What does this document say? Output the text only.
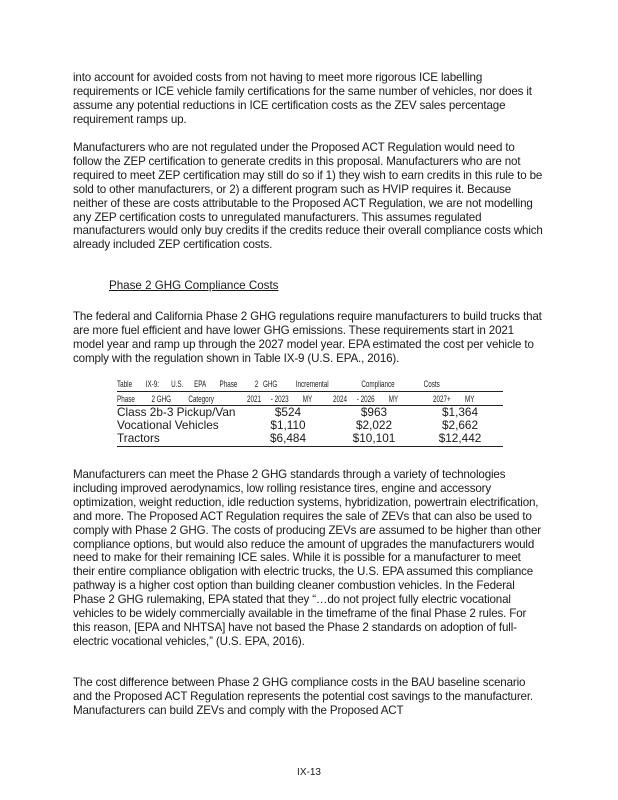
into account for avoided costs from not having to meet more rigorous ICE labelling requirements or ICE vehicle family certifications for the same number of vehicles, nor does it assume any potential reductions in ICE certification costs as the ZEV sales percentage requirement ramps up.

Manufacturers who are not regulated under the Proposed ACT Regulation would need to follow the ZEP certification to generate credits in this proposal. Manufacturers who are not required to meet ZEP certification may still do so if 1) they wish to earn credits in this rule to be sold to other manufacturers, or 2) a different program such as HVIP requires it. Because neither of these are costs attributable to the Proposed ACT Regulation, we are not modelling any ZEP certification costs to unregulated manufacturers. This assumes regulated manufacturers would only buy credits if the credits reduce their overall compliance costs which already included ZEP certification costs.

Phase 2 GHG Compliance Costs

The federal and California Phase 2 GHG regulations require manufacturers to build trucks that are more fuel efficient and have lower GHG emissions. These requirements start in 2021 model year and ramp up through the 2027 model year. EPA estimated the cost per vehicle to comply with the regulation shown in Table IX-9 (U.S. EPA., 2016).

Table IX-9: U.S. EPA Phase 2 GHG Incremental Compliance Costs			
Phase 2 GHG Category	2021 - 2023 MY	2024 - 2026 MY	2027+ MY
Class 2b-3 Pickup/Van	$524	$963	$1,364
Vocational Vehicles	$1,110	$2,022	$2,662
Tractors	$6,484	$10,101	$12,442

Manufacturers can meet the Phase 2 GHG standards through a variety of technologies including improved aerodynamics, low rolling resistance tires, engine and accessory optimization, weight reduction, idle reduction systems, hybridization, powertrain electrification, and more. The Proposed ACT Regulation requires the sale of ZEVs that can also be used to comply with Phase 2 GHG. The costs of producing ZEVs are assumed to be higher than other compliance options, but would also reduce the amount of upgrades the manufacturers would need to make for their remaining ICE sales. While it is possible for a manufacturer to meet their entire compliance obligation with electric trucks, the U.S. EPA assumed this compliance pathway is a higher cost option than building cleaner combustion vehicles. In the Federal Phase 2 GHG rulemaking, EPA stated that they “…do not project fully electric vocational vehicles to be widely commercially available in the timeframe of the final Phase 2 rules. For this reason, [EPA and NHTSA] have not based the Phase 2 standards on adoption of full-electric vocational vehicles,” (U.S. EPA, 2016).

The cost difference between Phase 2 GHG compliance costs in the BAU baseline scenario and the Proposed ACT Regulation represents the potential cost savings to the manufacturer. Manufacturers can build ZEVs and comply with the Proposed ACT

IX-13
